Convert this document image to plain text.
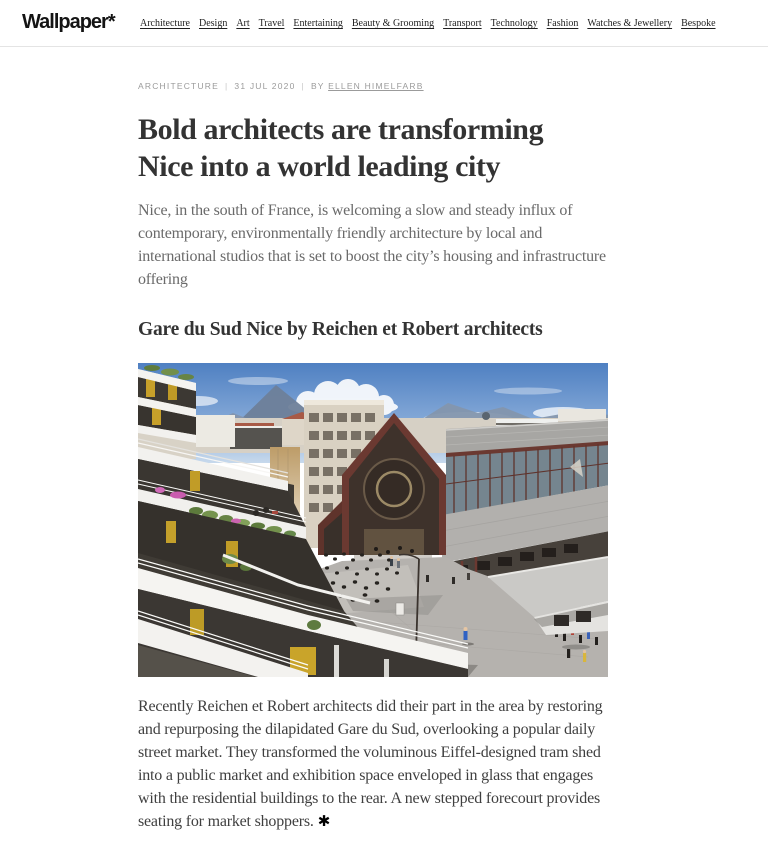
Wallpaper*	Architecture Design Art Travel Entertaining Beauty & Grooming Transport Technology Fashion Watches & Jewellery Bespoke
ARCHITECTURE | 31 JUL 2020 | BY ELLEN HIMELFARB
Bold architects are transforming
Nice into a world leading city

Nice, in the south of France, is welcoming a slow and steady influx of contemporary, environmentally friendly architecture by local and international studios that is set to boost the city’s housing and infrastructure offering

Gare du Sud Nice by Reichen et Robert architects

Recently Reichen et Robert architects did their part in the area by restoring and repurposing the dilapidated Gare du Sud, overlooking a popular daily street market. They transformed the voluminous Eiffel-designed tram shed into a public market and exhibition space enveloped in glass that engages with the residential buildings to the rear. A new stepped forecourt provides seating for market shoppers. ✱
